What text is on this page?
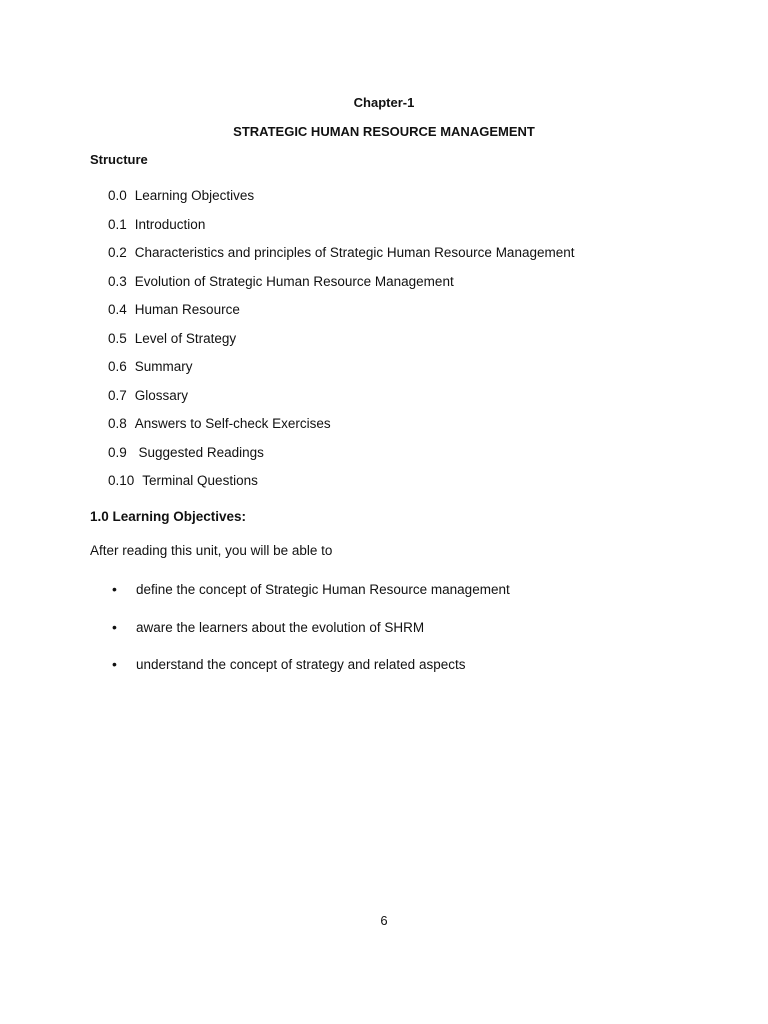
Chapter-1
STRATEGIC HUMAN RESOURCE MANAGEMENT
Structure
0.0 Learning Objectives
0.1 Introduction
0.2 Characteristics and principles of Strategic Human Resource Management
0.3 Evolution of Strategic Human Resource Management
0.4 Human Resource
0.5 Level of Strategy
0.6 Summary
0.7 Glossary
0.8 Answers to Self-check Exercises
0.9 Suggested Readings
0.10 Terminal Questions
1.0 Learning Objectives:
After reading this unit, you will be able to
• define the concept of Strategic Human Resource management
• aware the learners about the evolution of SHRM
• understand the concept of strategy and related aspects
6
